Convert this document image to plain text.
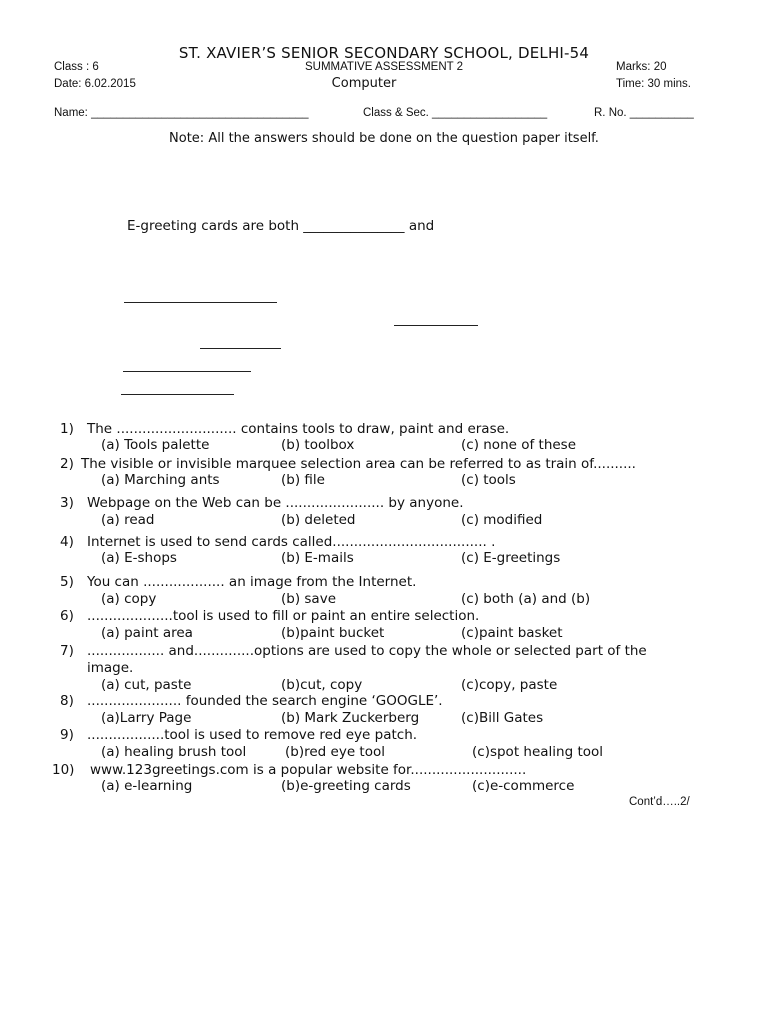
ST. XAVIER’S SENIOR SECONDARY SCHOOL, DELHI-54
Class : 6	SUMMATIVE ASSESSMENT 2	Marks: 20
Date: 6.02.2015	Computer	Time: 30 mins.
Name: __________________________________	Class & Sec. __________________	R. No. __________
Note: All the answers should be done on the question paper itself.
E-greeting cards are both _______________ and
1) The ............................ contains tools to draw, paint and erase.
(a) Tools palette	(b) toolbox	(c) none of these
2) The visible or invisible marquee selection area can be referred to as train of..........
(a) Marching ants	(b) file	(c) tools
3) Webpage on the Web can be ....................... by anyone.
(a) read	(b) deleted	(c) modified
4) Internet is used to send cards called.................................... .
(a) E-shops	(b) E-mails	(c) E-greetings
5) You can ................... an image from the Internet.
(a) copy	(b) save	(c) both (a) and (b)
6) ....................tool is used to fill or paint an entire selection.
(a) paint area	(b)paint bucket	(c)paint basket
7) .................. and..............options are used to copy the whole or selected part of the
image.
(a) cut, paste	(b)cut, copy	(c)copy, paste
8) ...................... founded the search engine ‘GOOGLE’.
(a)Larry Page	(b) Mark Zuckerberg	(c)Bill Gates
9) ..................tool is used to remove red eye patch.
(a) healing brush tool	(b)red eye tool	(c)spot healing tool
10) www.123greetings.com is a popular website for...........................
(a) e-learning	(b)e-greeting cards	(c)e-commerce
Cont’d…..2/
